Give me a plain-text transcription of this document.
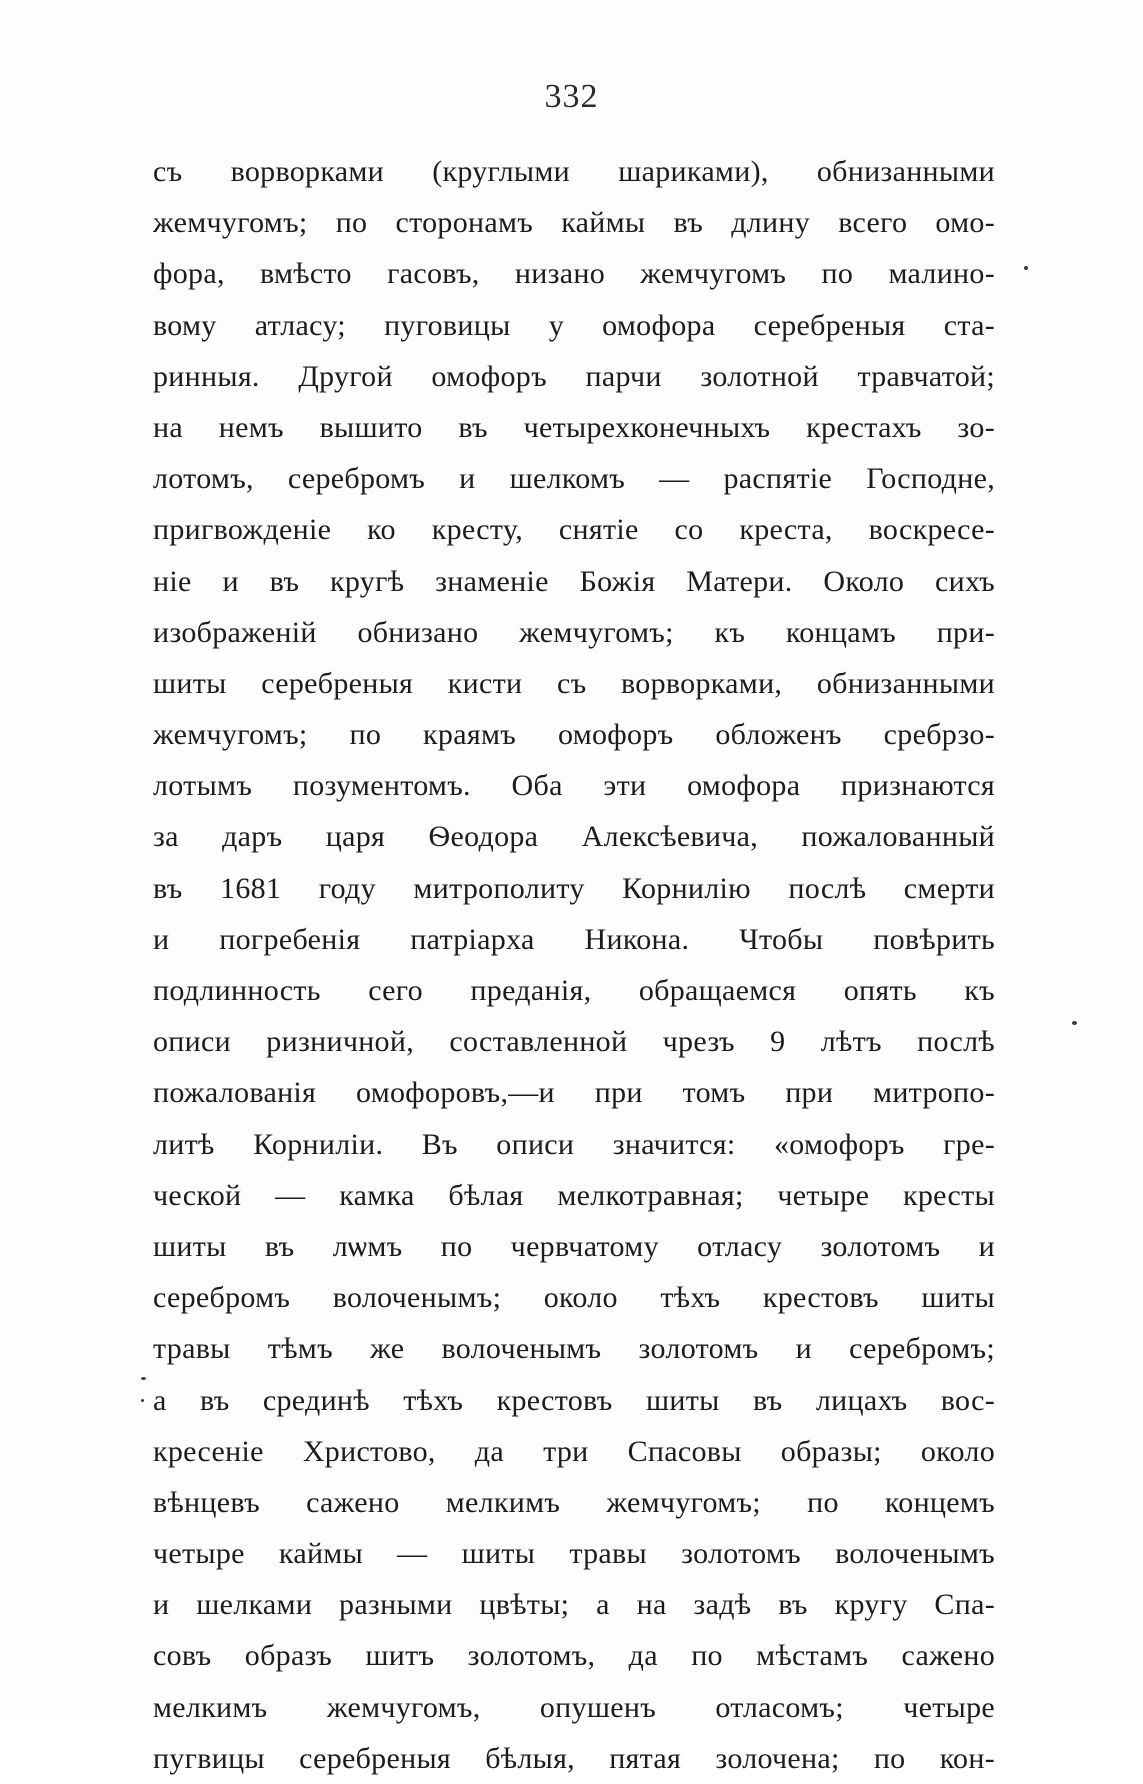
332
съ ворворками (круглыми шариками), обнизанными
жемчугомъ; по сторонамъ каймы въ длину всего омо-
фора, вмѣсто гасовъ, низано жемчугомъ по малино-
вому атласу; пуговицы у омофора серебреныя ста-
ринныя. Другой омофоръ парчи золотной травчатой;
на немъ вышито въ четырехконечныхъ крестахъ зо-
лотомъ, серебромъ и шелкомъ — распятіе Господне,
пригвожденіе ко кресту, снятіе со креста, воскресе-
ніе и въ кругѣ знаменіе Божія Матери. Около сихъ
изображеній обнизано жемчугомъ; къ концамъ при-
шиты серебреныя кисти съ ворворками, обнизанными
жемчугомъ; по краямъ омофоръ обложенъ сребрзо-
лотымъ позументомъ. Оба эти омофора признаются
за даръ царя Ѳеодора Алексѣевича, пожалованный
въ 1681 году митрополиту Корнилію послѣ смерти
и погребенія патріарха Никона. Чтобы повѣрить
подлинность сего преданія, обращаемся опять къ
описи ризничной, составленной чрезъ 9 лѣтъ послѣ
пожалованія омофоровъ,—и при томъ при митропо-
литѣ Корниліи. Въ описи значится: «омофоръ гре-
ческой — камка бѣлая мелкотравная; четыре кресты
шиты въ лѡмъ по червчатому отласу золотомъ и
серебромъ волоченымъ; около тѣхъ крестовъ шиты
травы тѣмъ же волоченымъ золотомъ и серебромъ;
а въ срединѣ тѣхъ крестовъ шиты въ лицахъ вос-
кресеніе Христово, да три Спасовы образы; около
вѣнцевъ сажено мелкимъ жемчугомъ; по концемъ
четыре каймы — шиты травы золотомъ волоченымъ
и шелками разными цвѣты; а на задѣ въ кругу Спа-
совъ образъ шитъ золотомъ, да по мѣстамъ сажено
мелкимъ жемчугомъ, опушенъ отласомъ; четыре
пугвицы серебреныя бѣлыя, пятая золочена; по кон-
